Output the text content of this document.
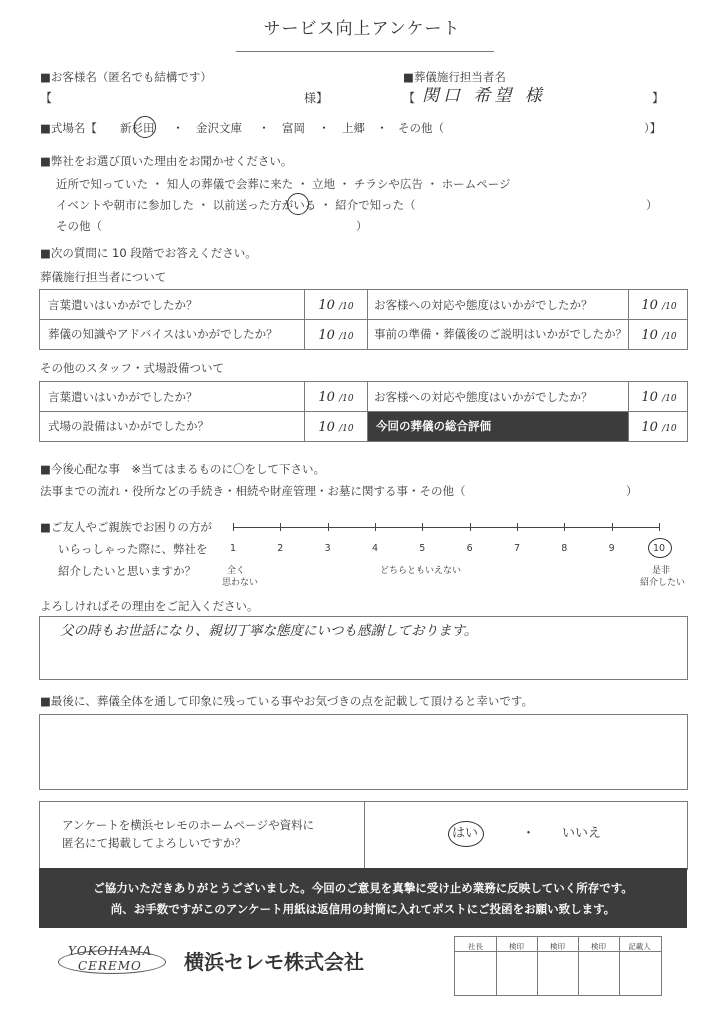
サービス向上アンケート
■お客様名（匿名でも結構です）
【	様】
■葬儀施行担当者名
【 関口 希望 様	】
■式場名【 新杉田 ・ 金沢文庫 ・ 富岡 ・ 上郷 ・ その他（	）】
■弊社をお選び頂いた理由をお聞かせください。
近所で知っていた ・ 知人の葬儀で会葬に来た ・ 立地 ・ チラシや広告 ・ ホームページ
イベントや朝市に参加した ・ 以前送った方がいる ・ 紹介で知った（	）
その他（	）
■次の質問に 10 段階でお答えください。
葬儀施行担当者について
言葉遣いはいかがでしたか？	10 /10	お客様への対応や態度はいかがでしたか？	10 /10
葬儀の知識やアドバイスはいかがでしたか？	10 /10	事前の準備・葬儀後のご説明はいかがでしたか？	10 /10
その他のスタッフ・式場設備ついて
言葉遣いはいかがでしたか？	10 /10	お客様への対応や態度はいかがでしたか？	10 /10
式場の設備はいかがでしたか？	10 /10	今回の葬儀の総合評価	10 /10
■今後心配な事　※当てはまるものに〇をして下さい。
法事までの流れ・役所などの手続き・相続や財産管理・お墓に関する事・その他（	）
■ご友人やご親族でお困りの方が
いらっしゃった際に、弊社を
紹介したいと思いますか？
1	2	3	4	5	6	7	8	9	10
全く
思わない
どちらともいえない	是非
紹介したい
よろしければその理由をご記入ください。
父の時もお世話になり、親切丁寧な態度にいつも感謝しております。
■最後に、葬儀全体を通して印象に残っている事やお気づきの点を記載して頂けると幸いです。
アンケートを横浜セレモのホームページや資料に
匿名にて掲載してよろしいですか？
はい	・ いいえ
ご協力いただきありがとうございました。今回のご意見を真摯に受け止め業務に反映していく所存です。
尚、お手数ですがこのアンケート用紙は返信用の封筒に入れてポストにご投函をお願い致します。
YOKOHAMA
CEREMO 横浜セレモ株式会社
社長	検印	検印	検印	記載人
